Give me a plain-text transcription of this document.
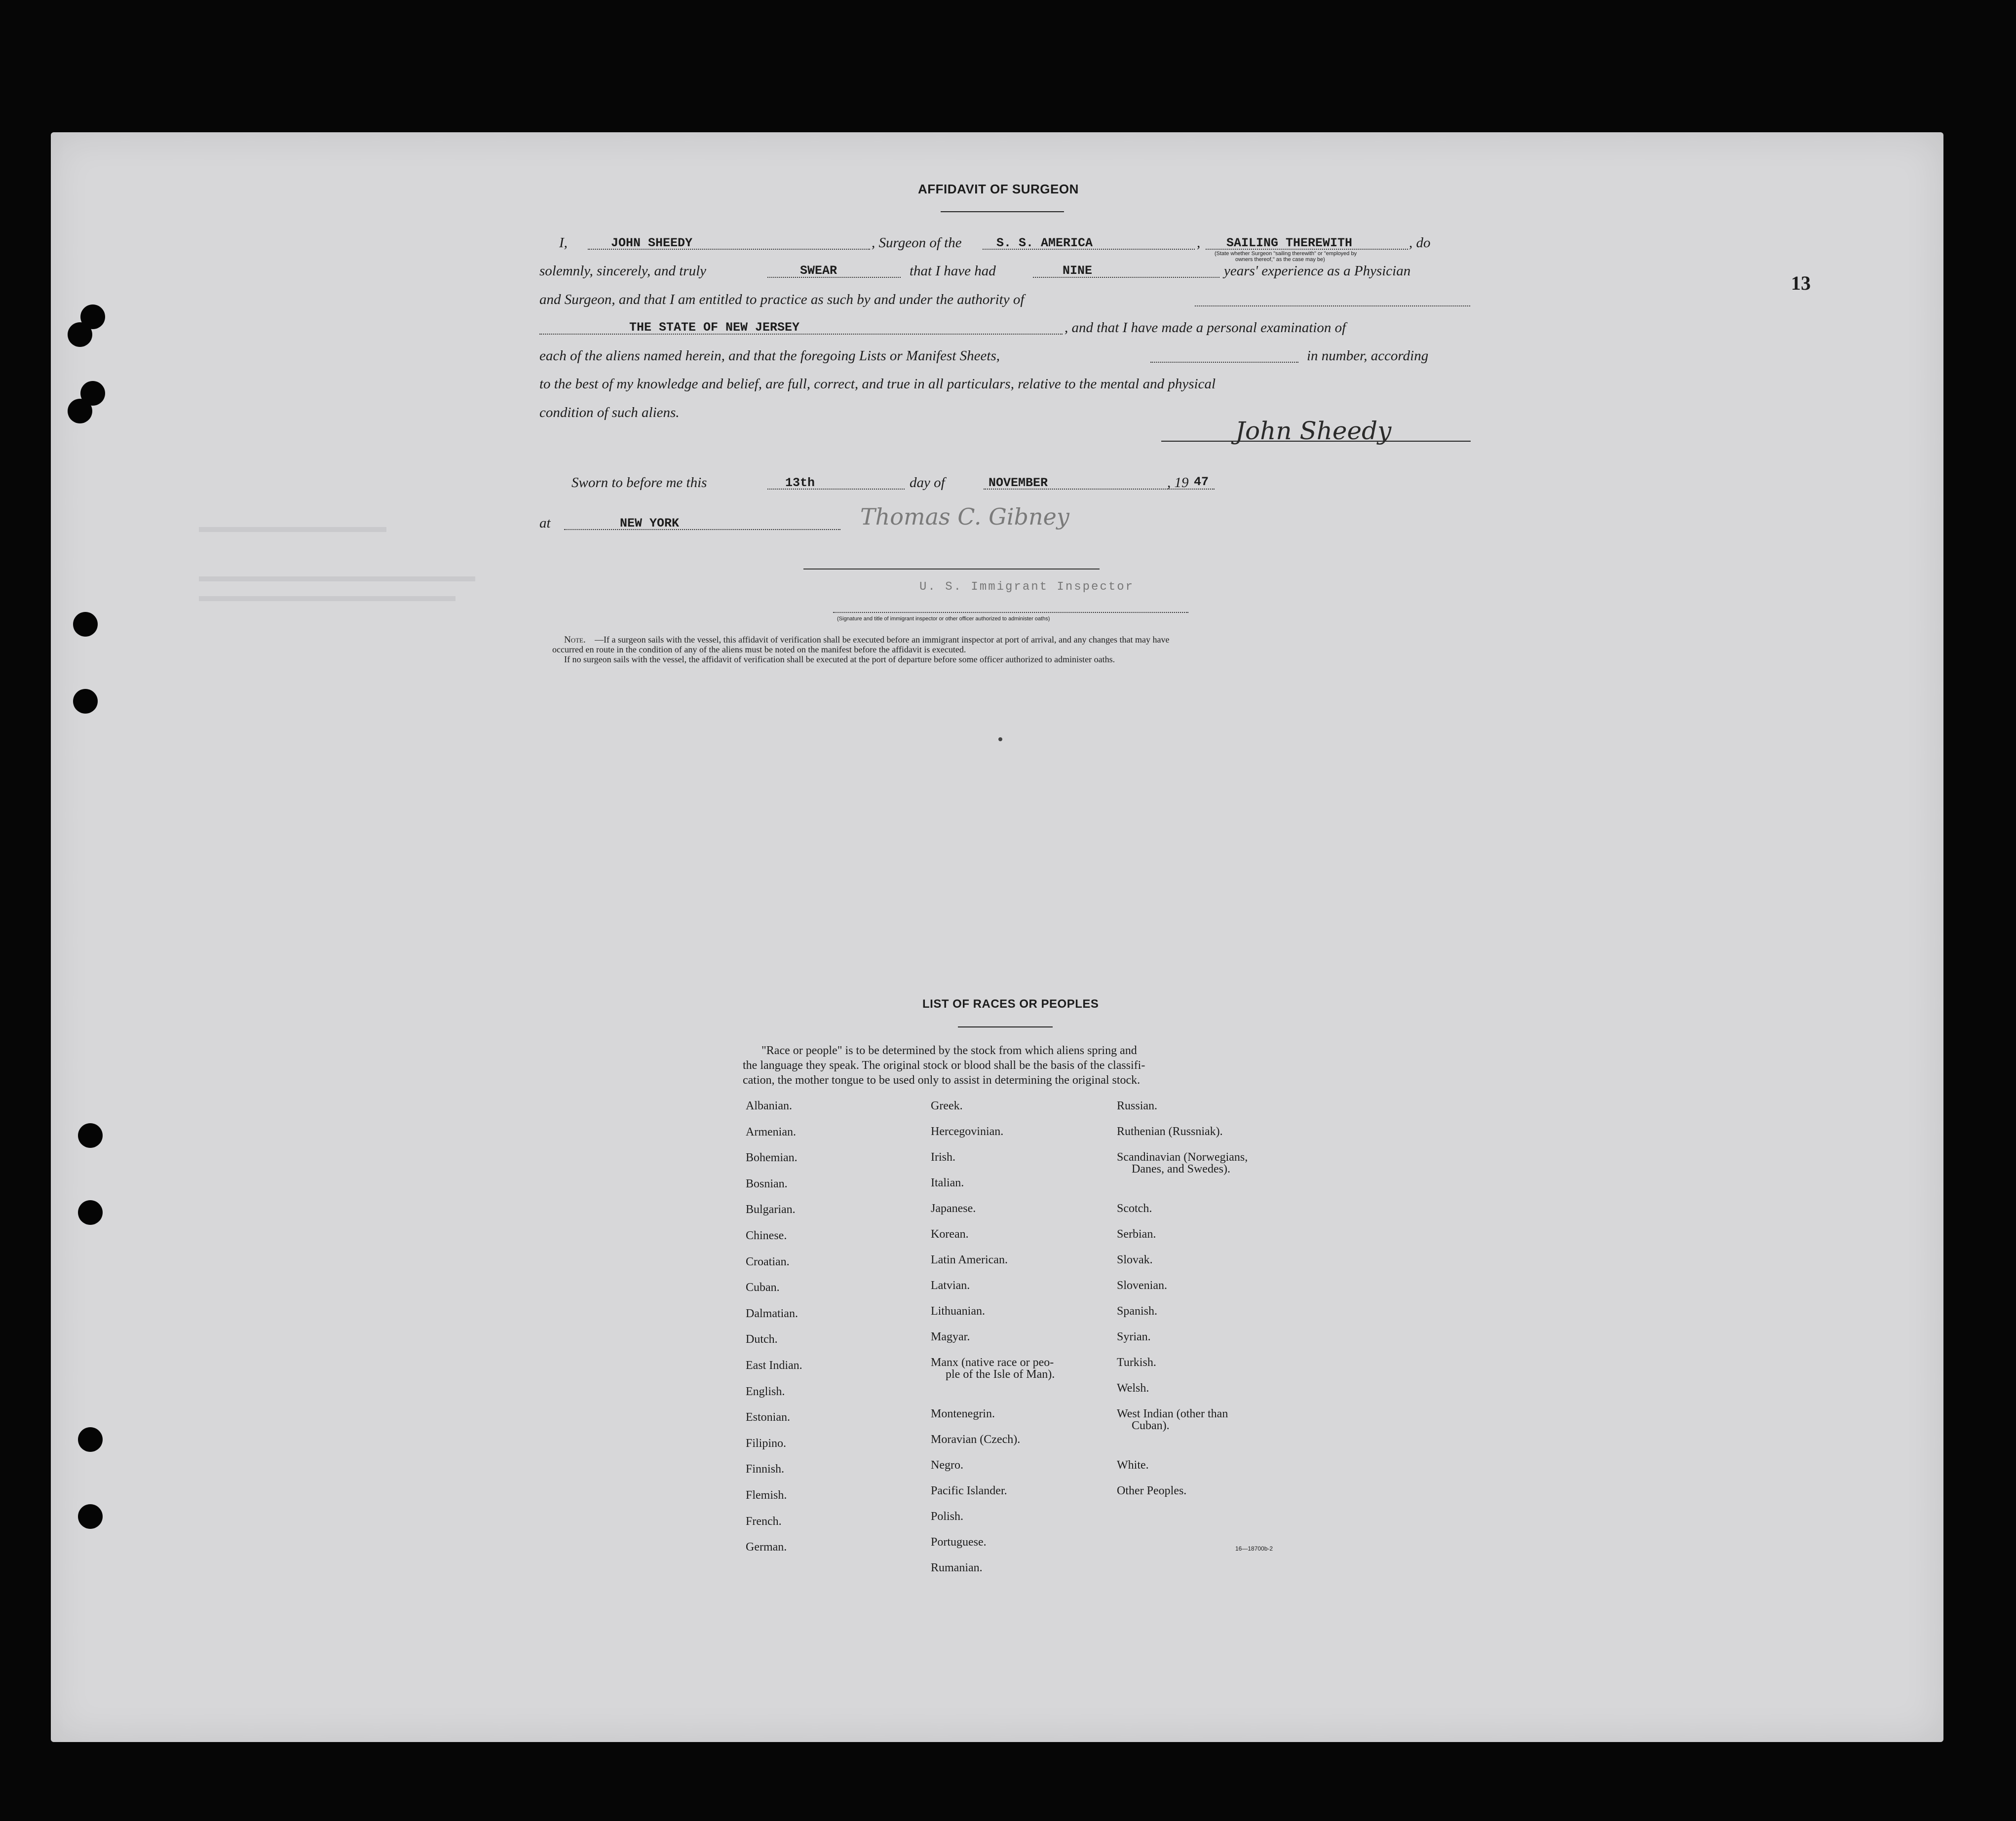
13
AFFIDAVIT OF SURGEON
I,	JOHN SHEEDY	, Surgeon of the	S. S. AMERICA	, SAILING THEREWITH
(State whether Surgeon "sailing therewith" or "employed by
owners thereof," as the case may be)
, do
solemnly, sincerely, and truly	SWEAR	that I have had	NINE	years' experience as a Physician
and Surgeon, and that I am entitled to practice as such by and under the authority of
THE STATE OF NEW JERSEY	, and that I have made a personal examination of
each of the aliens named herein, and that the foregoing Lists or Manifest Sheets,	in number, according
to the best of my knowledge and belief, are full, correct, and true in all particulars, relative to the mental and physical
condition of such aliens.
John Sheedy
Sworn to before me this	13th	day of	NOVEMBER	, 19 47
at	NEW YORK	Thomas C. Gibney
U. S. Immigrant Inspector
(Signature and title of immigrant inspector or other officer authorized to administer oaths)
Note. —If a surgeon sails with the vessel, this affidavit of verification shall be executed before an immigrant inspector at port of arrival, and any changes that may have
occurred en route in the condition of any of the aliens must be noted on the manifest before the affidavit is executed.
If no surgeon sails with the vessel, the affidavit of verification shall be executed at the port of departure before some officer authorized to administer oaths.
LIST OF RACES OR PEOPLES
"Race or people" is to be determined by the stock from which aliens spring and
the language they speak. The original stock or blood shall be the basis of the classifi-
cation, the mother tongue to be used only to assist in determining the original stock.
Albanian.
Armenian.
Bohemian.
Bosnian.
Bulgarian.
Chinese.
Croatian.
Cuban.
Dalmatian.
Dutch.
East Indian.
English.
Estonian.
Filipino.
Finnish.
Flemish.
French.
German.
Greek.
Hercegovinian.
Irish.
Italian.
Japanese.
Korean.
Latin American.
Latvian.
Lithuanian.
Magyar.
Manx (native race or peo-
ple of the Isle of Man).
Montenegrin.
Moravian (Czech).
Negro.
Pacific Islander.
Polish.
Portuguese.
Rumanian.
Russian.
Ruthenian (Russniak).
Scandinavian (Norwegians,
Danes, and Swedes).
Scotch.
Serbian.
Slovak.
Slovenian.
Spanish.
Syrian.
Turkish.
Welsh.
West Indian (other than
Cuban).
White.
Other Peoples.
16—18700b-2
